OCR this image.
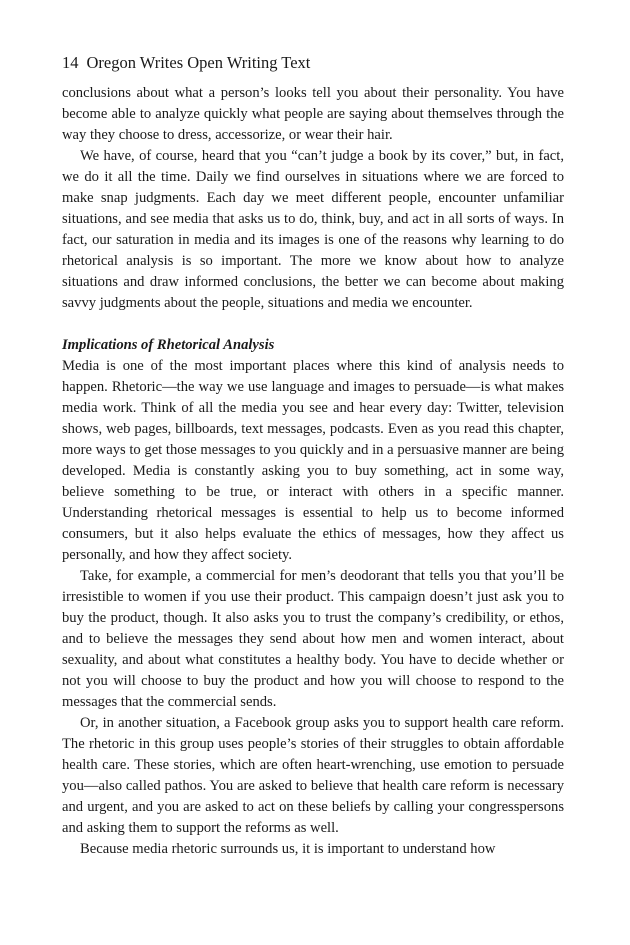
14 Oregon Writes Open Writing Text

conclusions about what a person’s looks tell you about their personality. You have become able to analyze quickly what people are saying about themselves through the way they choose to dress, accessorize, or wear their hair.

We have, of course, heard that you “can’t judge a book by its cover,” but, in fact, we do it all the time. Daily we find ourselves in situations where we are forced to make snap judgments. Each day we meet different people, encounter unfamiliar situations, and see media that asks us to do, think, buy, and act in all sorts of ways. In fact, our saturation in media and its images is one of the reasons why learning to do rhetorical analysis is so important. The more we know about how to analyze situations and draw informed conclusions, the better we can become about making savvy judgments about the people, situations and media we encounter.

Implications of Rhetorical Analysis

Media is one of the most important places where this kind of analysis needs to happen. Rhetoric—the way we use language and images to persuade—is what makes media work. Think of all the media you see and hear every day: Twitter, television shows, web pages, billboards, text messages, podcasts. Even as you read this chapter, more ways to get those messages to you quickly and in a persuasive manner are being developed. Media is constantly asking you to buy something, act in some way, believe something to be true, or interact with others in a specific manner. Understanding rhetorical messages is essential to help us to become informed consumers, but it also helps evaluate the ethics of messages, how they affect us personally, and how they affect society.

Take, for example, a commercial for men’s deodorant that tells you that you’ll be irresistible to women if you use their product. This campaign doesn’t just ask you to buy the product, though. It also asks you to trust the company’s credibility, or ethos, and to believe the messages they send about how men and women interact, about sexuality, and about what constitutes a healthy body. You have to decide whether or not you will choose to buy the product and how you will choose to respond to the messages that the commercial sends.

Or, in another situation, a Facebook group asks you to support health care reform. The rhetoric in this group uses people’s stories of their struggles to obtain affordable health care. These stories, which are often heart-wrenching, use emotion to persuade you—also called pathos. You are asked to believe that health care reform is necessary and urgent, and you are asked to act on these beliefs by calling your congresspersons and asking them to support the reforms as well.

Because media rhetoric surrounds us, it is important to understand how
